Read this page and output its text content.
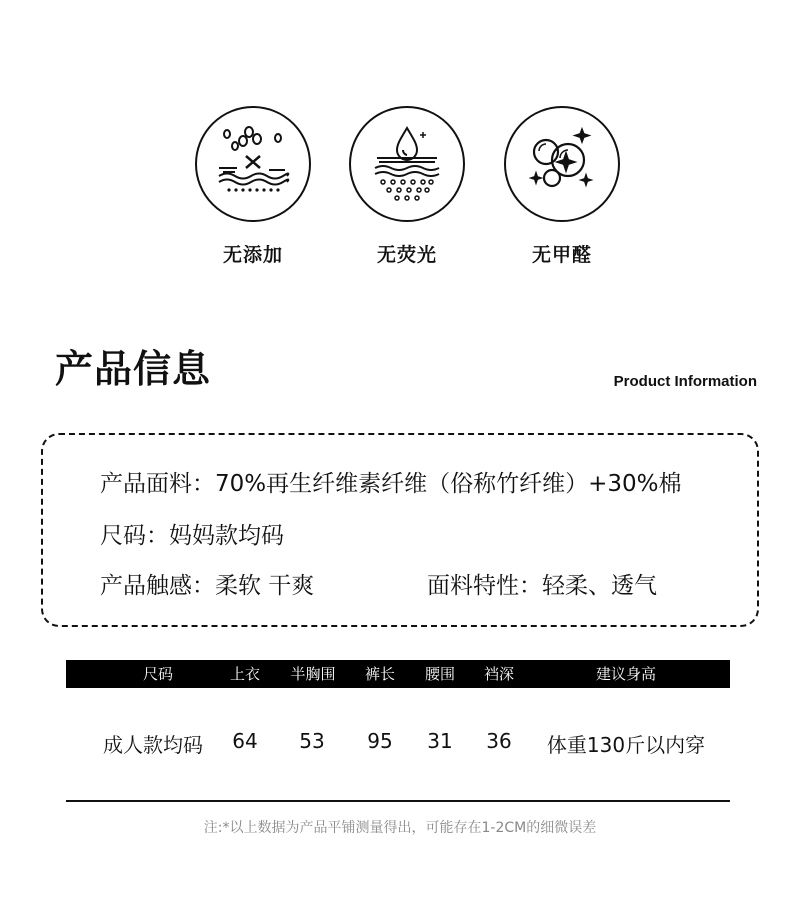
无添加	无荧光	无甲醛
产品信息	Product Information
产品面料：70%再生纤维素纤维（俗称竹纤维）+30%棉
尺码：妈妈款均码
产品触感：柔软 干爽	面料特性：轻柔、透气
尺码	上衣	半胸围	裤长	腰围	裆深	建议身高
成人款均码	64	53	95	31	36	体重130斤以内穿
注:*以上数据为产品平铺测量得出，可能存在1-2CM的细微误差
